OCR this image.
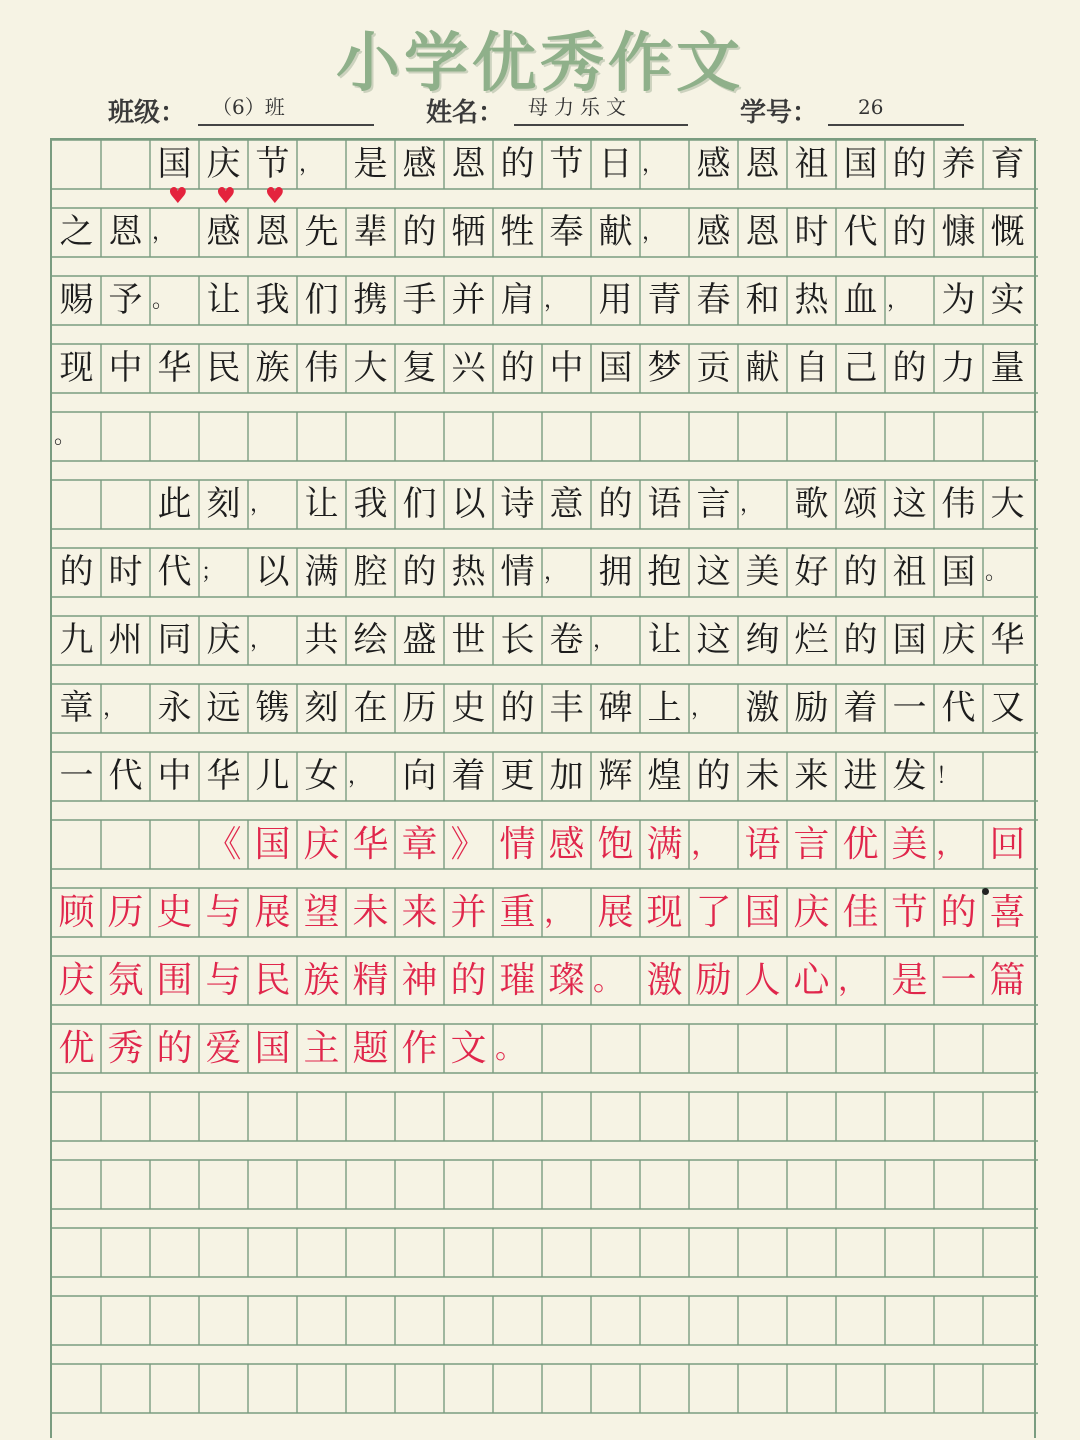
小学优秀作文
班级：	（6）班	姓名：	母力乐文	学号：	26
国 庆 节 ， 是 感 恩 的 节 日 ， 感 恩 祖 国 的 养 育
之 恩 ， 感 恩 先 辈 的 牺 牲 奉 献 ， 感 恩 时 代 的 慷 慨
赐 予 。 让 我 们 携 手 并 肩 ， 用 青 春 和 热 血 ， 为 实
现 中 华 民 族 伟 大 复 兴 的 中 国 梦 贡 献 自 己 的 力 量
。
此 刻 ， 让 我 们 以 诗 意 的 语 言 ， 歌 颂 这 伟 大
的 时 代 ； 以 满 腔 的 热 情 ， 拥 抱 这 美 好 的 祖 国 。
九 州 同 庆 ， 共 绘 盛 世 长 卷 ， 让 这 绚 烂 的 国 庆 华
章 ， 永 远 镌 刻 在 历 史 的 丰 碑 上 ， 激 励 着 一 代 又
一 代 中 华 儿 女 ， 向 着 更 加 辉 煌 的 未 来 进 发 ！
《 国 庆 华 章 》 情 感 饱 满 ， 语 言 优 美 ， 回
顾 历 史 与 展 望 未 来 并 重 ， 展 现 了 国 庆 佳 节 的 喜
庆 氛 围 与 民 族 精 神 的 璀 璨 。 激 励 人 心 ， 是 一 篇
优 秀 的 爱 国 主 题 作 文 。
♥ ♥ ♥
